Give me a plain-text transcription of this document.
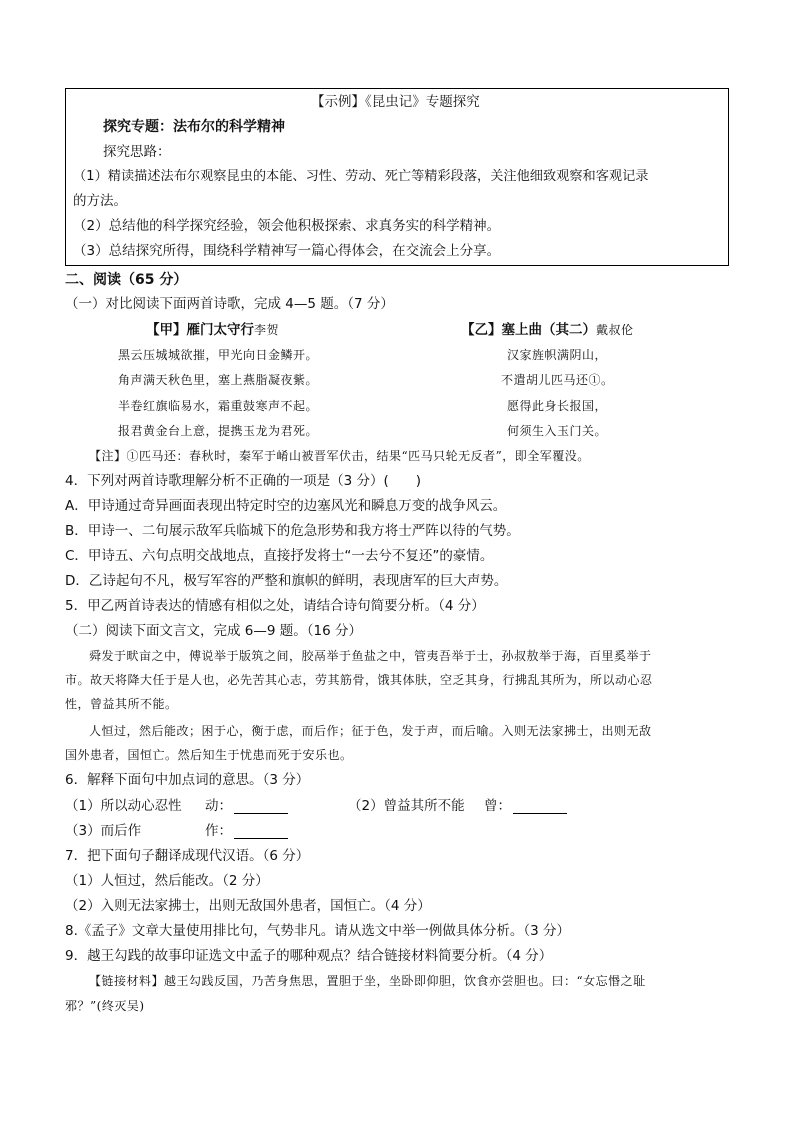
【示例】《昆虫记》专题探究
探究专题：法布尔的科学精神
探究思路：
（1）精读描述法布尔观察昆虫的本能、习性、劳动、死亡等精彩段落，关注他细致观察和客观记录
的方法。
（2）总结他的科学探究经验，领会他积极探索、求真务实的科学精神。
（3）总结探究所得，围绕科学精神写一篇心得体会，在交流会上分享。
二、阅读（65 分）
（一）对比阅读下面两首诗歌，完成 4—5 题。（7 分）
【甲】雁门太守行李贺
黑云压城城欲摧，甲光向日金鳞开。
角声满天秋色里，塞上燕脂凝夜紫。
半卷红旗临易水，霜重鼓寒声不起。
报君黄金台上意，提携玉龙为君死。
【乙】塞上曲（其二）戴叔伦
汉家旌帜满阴山，
不遣胡儿匹马还①。
愿得此身长报国，
何须生入玉门关。
【注】①匹马还：春秋时，秦军于崤山被晋军伏击，结果“匹马只轮无反者”，即全军覆没。
4．下列对两首诗歌理解分析不正确的一项是（3 分）(　　)
A．甲诗通过奇异画面表现出特定时空的边塞风光和瞬息万变的战争风云。
B．甲诗一、二句展示敌军兵临城下的危急形势和我方将士严阵以待的气势。
C．甲诗五、六句点明交战地点，直接抒发将士“一去兮不复还”的豪情。
D．乙诗起句不凡，极写军容的严整和旗帜的鲜明，表现唐军的巨大声势。
5．甲乙两首诗表达的情感有相似之处，请结合诗句简要分析。（4 分）
（二）阅读下面文言文，完成 6—9 题。（16 分）
舜发于畎亩之中，傅说举于版筑之间，胶鬲举于鱼盐之中，管夷吾举于士，孙叔敖举于海，百里奚举于
市。故天将降大任于是人也，必先苦其心志，劳其筋骨，饿其体肤，空乏其身，行拂乱其所为，所以动心忍
性，曾益其所不能。
人恒过，然后能改；困于心，衡于虑，而后作；征于色，发于声，而后喻。入则无法家拂士，出则无敌
国外患者，国恒亡。然后知生于忧患而死于安乐也。
6．解释下面句中加点词的意思。（3 分）
（1）所以动心忍性 动：	（2）曾益其所不能 曾：
（3）而后作	作：
7．把下面句子翻译成现代汉语。（6 分）
（1）人恒过，然后能改。（2 分）
（2）入则无法家拂士，出则无敌国外患者，国恒亡。（4 分）
8.《孟子》文章大量使用排比句，气势非凡。请从选文中举一例做具体分析。（3 分）
9．越王勾践的故事印证选文中孟子的哪种观点？结合链接材料简要分析。（4 分）
【链接材料】越王勾践反国，乃苦身焦思，置胆于坐，坐卧即仰胆，饮食亦尝胆也。曰：“女忘惽之耻
邪？”(终灭吴)
